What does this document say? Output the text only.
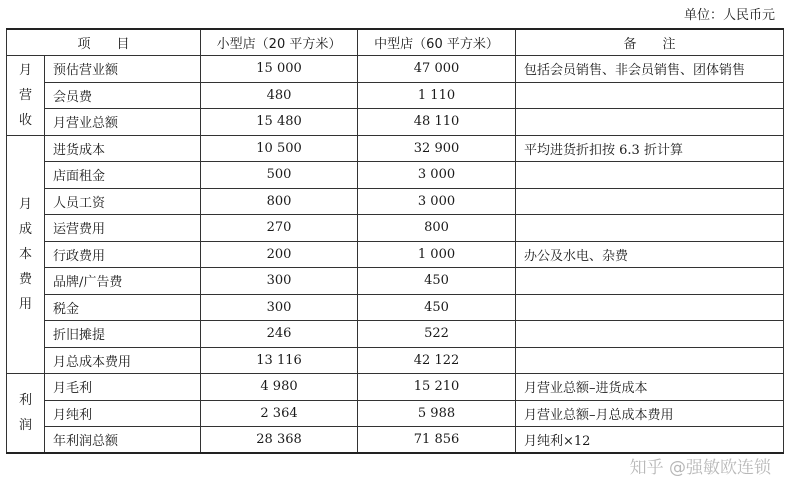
单位：人民币元
项　　目		小型店（20 平方米）	中型店（60 平方米）	备　　注
月营收	预估营业额	15 000	47 000	包括会员销售、非会员销售、团体销售
	会员费	480	1 110	
	月营业总额	15 480	48 110	
月成本费用	进货成本	10 500	32 900	平均进货折扣按 6.3 折计算
	店面租金	500	3 000	
	人员工资	800	3 000	
	运营费用	270	800	
	行政费用	200	1 000	办公及水电、杂费
	品牌/广告费	300	450	
	税金	300	450	
	折旧摊提	246	522	
	月总成本费用	13 116	42 122	
利润	月毛利	4 980	15 210	月营业总额–进货成本
	月纯利	2 364	5 988	月营业总额–月总成本费用
	年利润总额	28 368	71 856	月纯利×12
知乎 @强敏欧连锁
